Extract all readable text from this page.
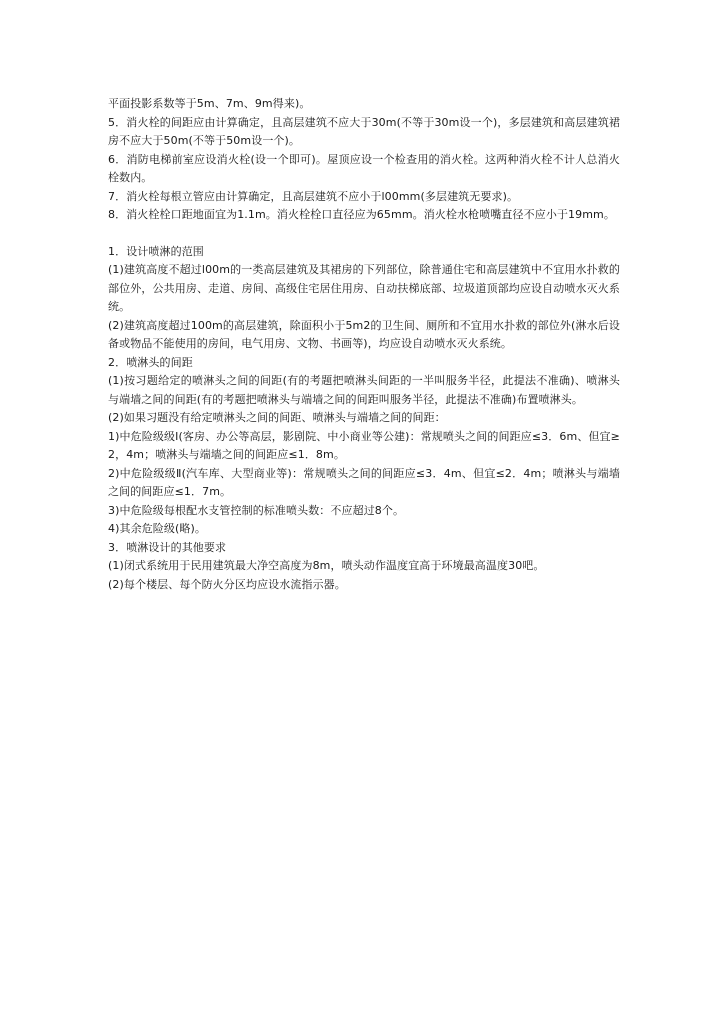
平面投影系数等于5m、7m、9m得来)。

5．消火栓的间距应由计算确定，且高层建筑不应大于30m(不等于30m设一个)，多层建筑和高层建筑裙房不应大于50m(不等于50m设一个)。

6．消防电梯前室应设消火栓(设一个即可)。屋顶应设一个检查用的消火栓。这两种消火栓不计人总消火栓数内。

7．消火栓每根立管应由计算确定，且高层建筑不应小于l00mm(多层建筑无要求)。

8．消火栓栓口距地面宜为1.1m。消火栓栓口直径应为65mm。消火栓水枪喷嘴直径不应小于19mm。

1．设计喷淋的范围

(1)建筑高度不超过l00m的一类高层建筑及其裙房的下列部位，除普通住宅和高层建筑中不宜用水扑救的部位外，公共用房、走道、房间、高级住宅居住用房、自动扶梯底部、垃圾道顶部均应设自动喷水灭火系统。

(2)建筑高度超过100m的高层建筑，除面积小于5m2的卫生间、厕所和不宜用水扑救的部位外(淋水后设备或物品不能使用的房间，电气用房、文物、书画等)，均应设自动喷水灭火系统。

2．喷淋头的间距

(1)按习题给定的喷淋头之间的间距(有的考题把喷淋头间距的一半叫服务半径，此提法不准确)、喷淋头与端墙之间的间距(有的考题把喷淋头与端墙之间的间距叫服务半径，此提法不准确)布置喷淋头。

(2)如果习题没有给定喷淋头之间的间距、喷淋头与端墙之间的间距：

1)中危险级级Ⅰ(客房、办公等高层，影剧院、中小商业等公建)：常规喷头之间的间距应≤3．6m、但宜≥2，4m；喷淋头与端墙之间的间距应≤1．8m。

2)中危险级级Ⅱ(汽车库、大型商业等)：常规喷头之间的间距应≤3．4m、但宜≤2．4m；喷淋头与端墙之间的间距应≤1．7m。

3)中危险级每根配水支管控制的标准喷头数：不应超过8个。

4)其余危险级(略)。

3．喷淋设计的其他要求

(1)闭式系统用于民用建筑最大净空高度为8m，喷头动作温度宜高于环境最高温度30吧。

(2)每个楼层、每个防火分区均应设水流指示器。
